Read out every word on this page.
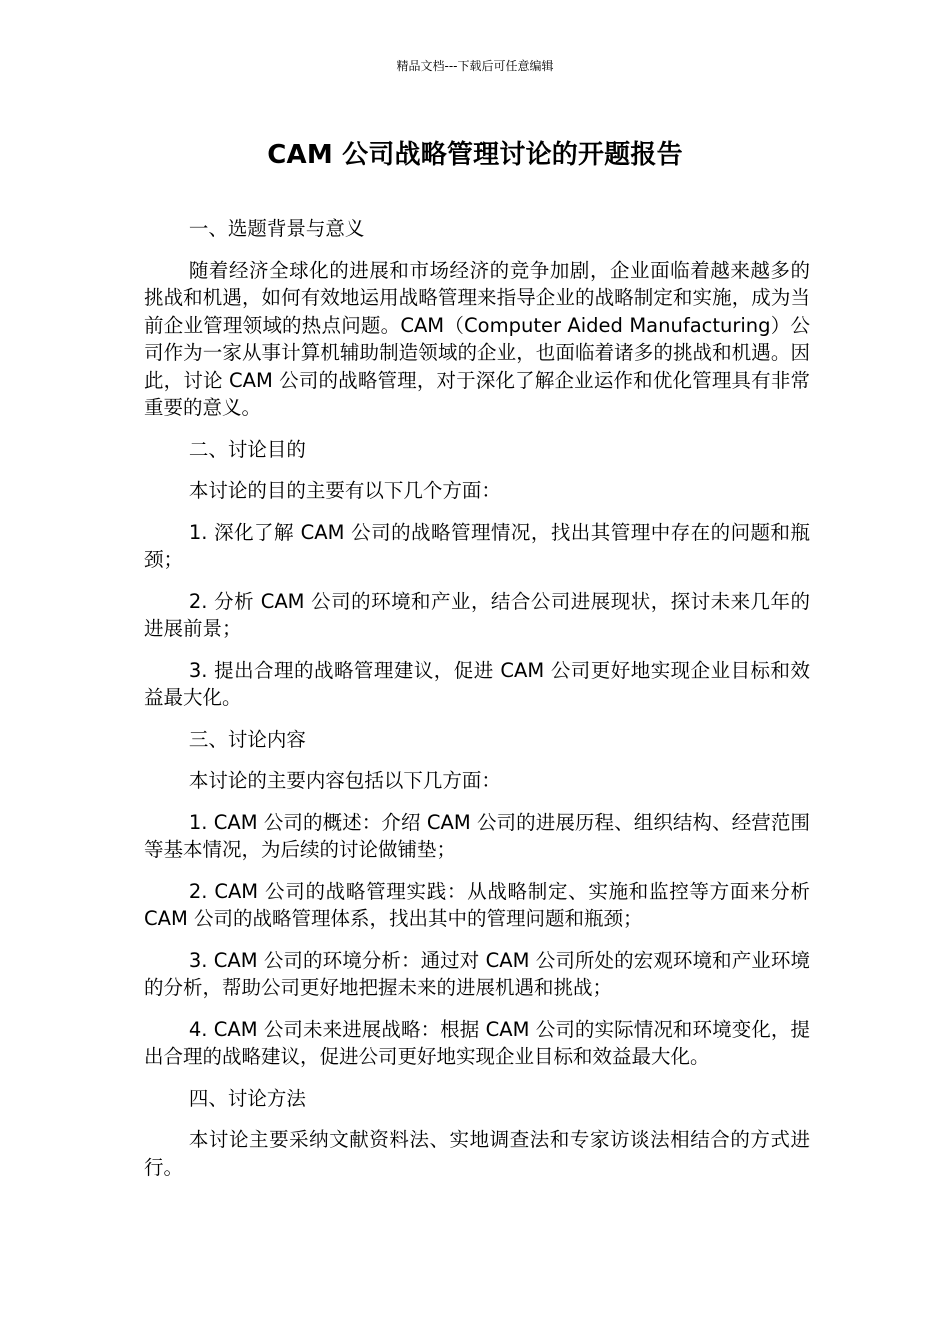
精品文档---下载后可任意编辑
CAM 公司战略管理讨论的开题报告

一、选题背景与意义

随着经济全球化的进展和市场经济的竞争加剧，企业面临着越来越多的挑战和机遇，如何有效地运用战略管理来指导企业的战略制定和实施，成为当前企业管理领域的热点问题。CAM（Computer Aided Manufacturing）公司作为一家从事计算机辅助制造领域的企业，也面临着诸多的挑战和机遇。因此，讨论 CAM 公司的战略管理，对于深化了解企业运作和优化管理具有非常重要的意义。

二、讨论目的

本讨论的目的主要有以下几个方面：

1. 深化了解 CAM 公司的战略管理情况，找出其管理中存在的问题和瓶颈；

2. 分析 CAM 公司的环境和产业，结合公司进展现状，探讨未来几年的进展前景；

3. 提出合理的战略管理建议，促进 CAM 公司更好地实现企业目标和效益最大化。

三、讨论内容

本讨论的主要内容包括以下几方面：

1. CAM 公司的概述：介绍 CAM 公司的进展历程、组织结构、经营范围等基本情况，为后续的讨论做铺垫；

2. CAM 公司的战略管理实践：从战略制定、实施和监控等方面来分析 CAM 公司的战略管理体系，找出其中的管理问题和瓶颈；

3. CAM 公司的环境分析：通过对 CAM 公司所处的宏观环境和产业环境的分析，帮助公司更好地把握未来的进展机遇和挑战；

4. CAM 公司未来进展战略：根据 CAM 公司的实际情况和环境变化，提出合理的战略建议，促进公司更好地实现企业目标和效益最大化。

四、讨论方法

本讨论主要采纳文献资料法、实地调查法和专家访谈法相结合的方式进行。
